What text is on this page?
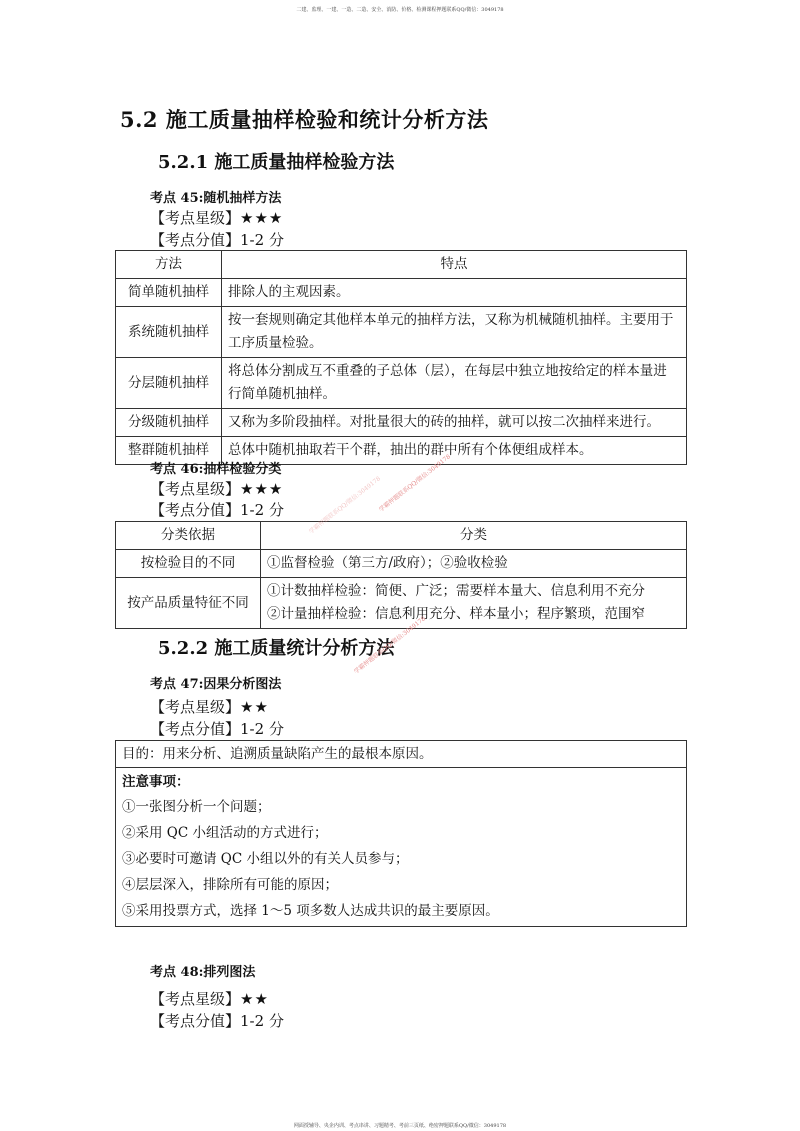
二建、监理、一建、一造、二造、安全、消防、价格、检测课程押题联系QQ/微信：3049178
5.2 施工质量抽样检验和统计分析方法
5.2.1 施工质量抽样检验方法
考点 45:随机抽样方法
【考点星级】★★★
【考点分值】1-2 分
方法	特点
简单随机抽样	排除人的主观因素。
系统随机抽样	按一套规则确定其他样本单元的抽样方法，又称为机械随机抽样。主要用于工序质量检验。
分层随机抽样	将总体分割成互不重叠的子总体（层），在每层中独立地按给定的样本量进行简单随机抽样。
分级随机抽样	又称为多阶段抽样。对批量很大的砖的抽样，就可以按二次抽样来进行。
整群随机抽样	总体中随机抽取若干个群，抽出的群中所有个体便组成样本。
考点 46:抽样检验分类
【考点星级】★★★
【考点分值】1-2 分
分类依据	分类
按检验目的不同	①监督检验（第三方/政府）；②验收检验
按产品质量特征不同	①计数抽样检验：简便、广泛；需要样本量大、信息利用不充分
②计量抽样检验：信息利用充分、样本量小；程序繁琐，范围窄
5.2.2 施工质量统计分析方法
考点 47:因果分析图法
【考点星级】★★
【考点分值】1-2 分
目的：用来分析、追溯质量缺陷产生的最根本原因。
注意事项：
①一张图分析一个问题；
②采用 QC 小组活动的方式进行；
③必要时可邀请 QC 小组以外的有关人员参与；
④层层深入，排除所有可能的原因；
⑤采用投票方式，选择 1～5 项多数人达成共识的最主要原因。
考点 48:排列图法
【考点星级】★★
【考点分值】1-2 分
学霸押题联系QQ/微信:3049178
学霸押题联系QQ/微信:3049178
学霸押题联系QQ/微信:3049178
网面授辅导、央企内训、考点串讲、习题精考、考前三页纸、绝密押题联系QQ/微信：3049178
